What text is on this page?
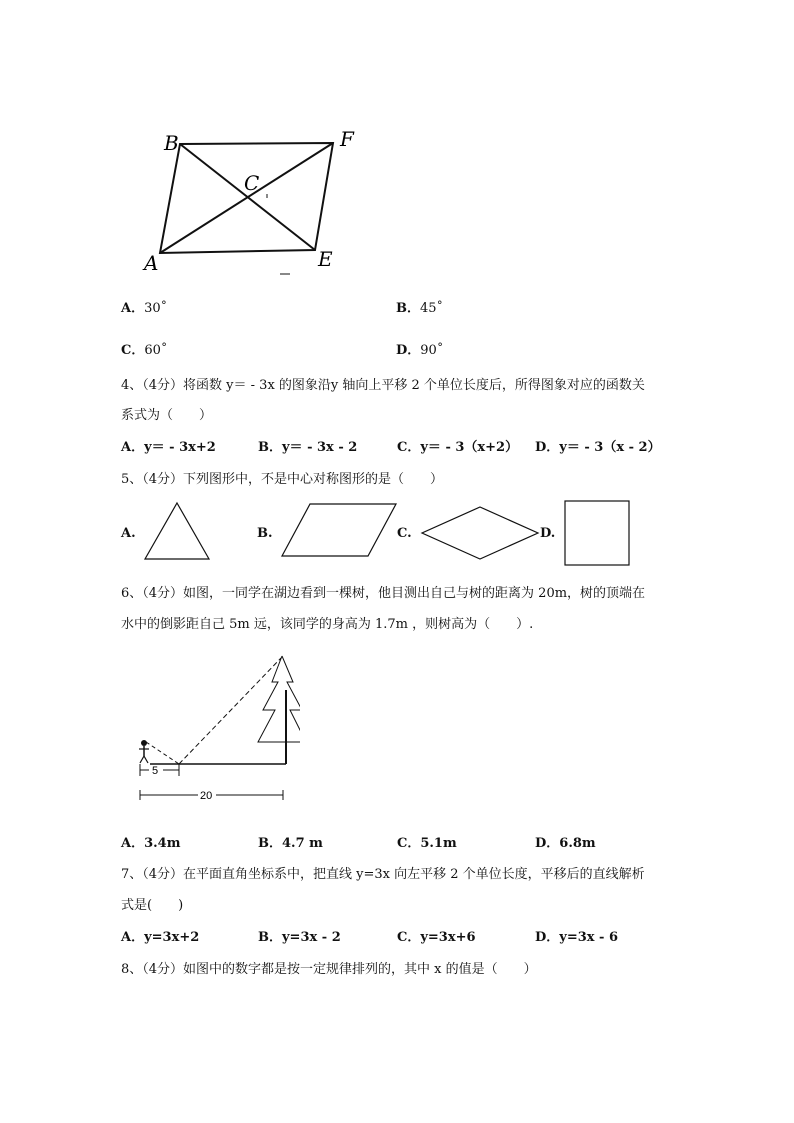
B	F
C
A	E
A．30˚	B．45˚
C．60˚	D．90˚
4、（4分）将函数 y＝ - 3x 的图象沿y 轴向上平移 2 个单位长度后，所得图象对应的函数关
系式为（　　）
A．y＝ - 3x+2	B．y＝ - 3x - 2	C．y＝ - 3（x+2） D．y＝ - 3（x - 2）
5、（4分）下列图形中，不是中心对称图形的是（　　）
A.	B.	C.	D.
6、（4分）如图，一同学在湖边看到一棵树，他目测出自己与树的距离为 20m，树的顶端在
水中的倒影距自己 5m 远，该同学的身高为 1.7m ，则树高为（　　）.
5
20
A．3.4m	B．4.7 m	C．5.1m	D．6.8m
7、（4分）在平面直角坐标系中，把直线 y=3x 向左平移 2 个单位长度，平移后的直线解析
式是(　　)
A．y=3x+2	B．y=3x - 2	C．y=3x+6	D．y=3x - 6
8、（4分）如图中的数字都是按一定规律排列的，其中 x 的值是（　　）
